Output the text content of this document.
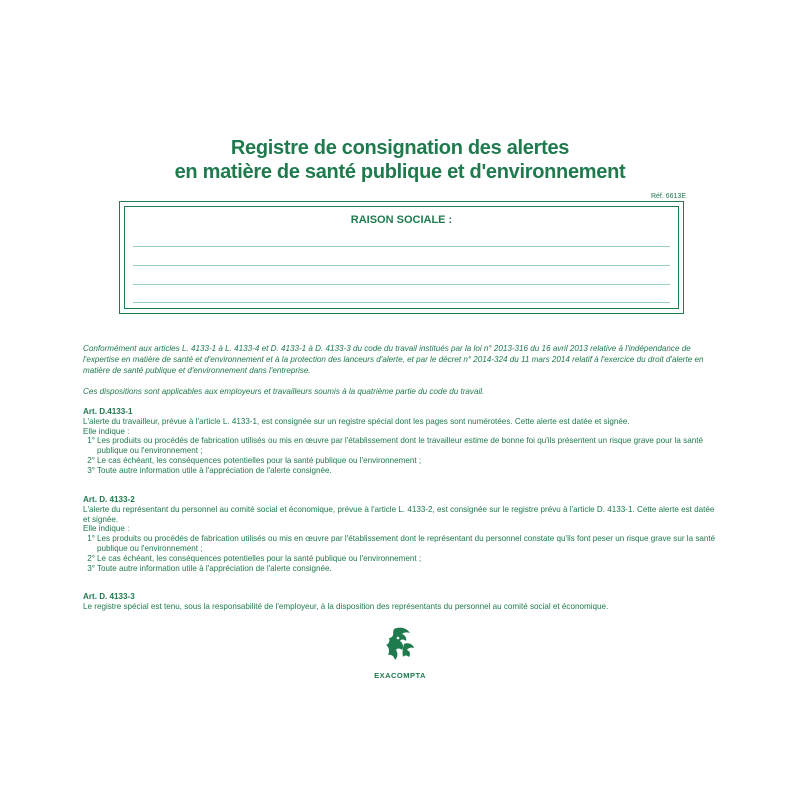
Registre de consignation des alertes
en matière de santé publique et d'environnement
Réf. 6613E
RAISON SOCIALE :
Conformément aux articles L. 4133-1 à L. 4133-4 et D. 4133-1 à D. 4133-3 du code du travail institués par la loi n° 2013-316 du 16 avril 2013 relative à l'indépendance de l'expertise en matière de santé et d'environnement et à la protection des lanceurs d'alerte, et par le décret n° 2014-324 du 11 mars 2014 relatif à l'exercice du droit d'alerte en matière de santé publique et d'environnement dans l'entreprise.
Ces dispositions sont applicables aux employeurs et travailleurs soumis à la quatrième partie du code du travail.
Art. D.4133-1

L'alerte du travailleur, prévue à l'article L. 4133-1, est consignée sur un registre spécial dont les pages sont numérotées. Cette alerte est datée et signée.

Elle indique :

1° Les produits ou procédés de fabrication utilisés ou mis en œuvre par l'établissement dont le travailleur estime de bonne foi qu'ils présentent un risque grave pour la santé publique ou l'environnement ;
2° Le cas échéant, les conséquences potentielles pour la santé publique ou l'environnement ;
3° Toute autre information utile à l'appréciation de l'alerte consignée.
Art. D. 4133-2

L'alerte du représentant du personnel au comité social et économique, prévue à l'article L. 4133-2, est consignée sur le registre prévu à l'article D. 4133-1. Cette alerte est datée et signée.

Elle indique :

1° Les produits ou procédés de fabrication utilisés ou mis en œuvre par l'établissement dont le représentant du personnel constate qu'ils font peser un risque grave sur la santé publique ou l'environnement ;
2° Le cas échéant, les conséquences potentielles pour la santé publique ou l'environnement ;
3° Toute autre information utile à l'appréciation de l'alerte consignée.
Art. D. 4133-3

Le registre spécial est tenu, sous la responsabilité de l'employeur, à la disposition des représentants du personnel au comité social et économique.

EXACOMPTA
